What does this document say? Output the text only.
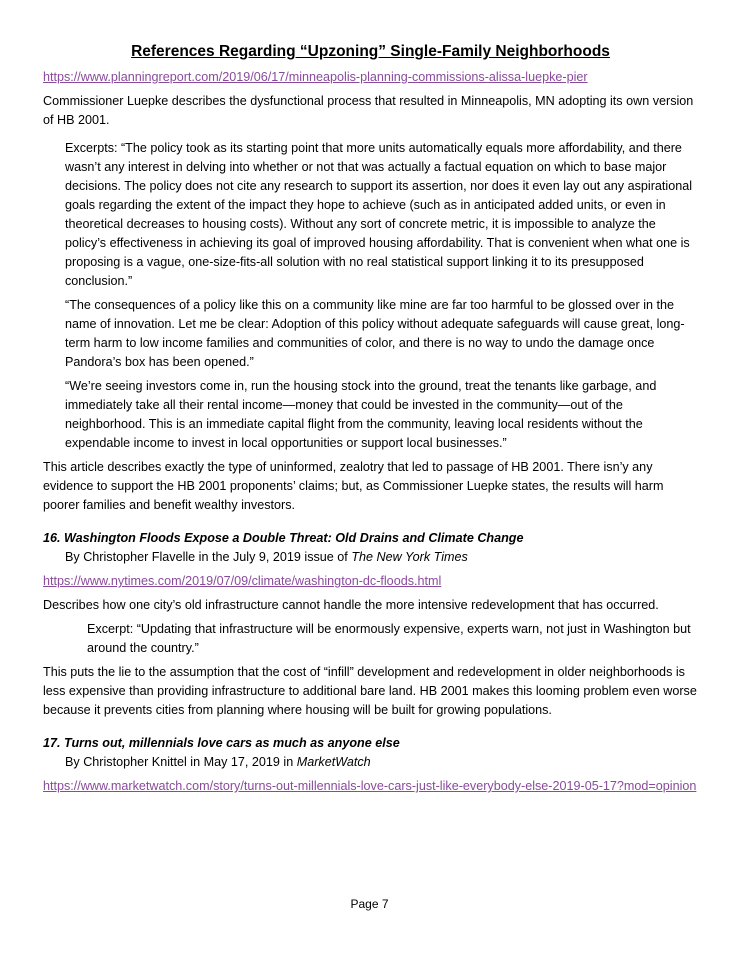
References Regarding “Upzoning” Single-Family Neighborhoods
https://www.planningreport.com/2019/06/17/minneapolis-planning-commissions-alissa-luepke-pier

Commissioner Luepke describes the dysfunctional process that resulted in Minneapolis, MN adopting its own version of HB 2001.

Excerpts: “The policy took as its starting point that more units automatically equals more affordability, and there wasn’t any interest in delving into whether or not that was actually a factual equation on which to base major decisions. The policy does not cite any research to support its assertion, nor does it even lay out any aspirational goals regarding the extent of the impact they hope to achieve (such as in anticipated added units, or even in theoretical decreases to housing costs). Without any sort of concrete metric, it is impossible to analyze the policy’s effectiveness in achieving its goal of improved housing affordability. That is convenient when what one is proposing is a vague, one-size-fits-all solution with no real statistical support linking it to its presupposed conclusion.”

“The consequences of a policy like this on a community like mine are far too harmful to be glossed over in the name of innovation. Let me be clear: Adoption of this policy without adequate safeguards will cause great, long-term harm to low income families and communities of color, and there is no way to undo the damage once Pandora’s box has been opened.”

“We’re seeing investors come in, run the housing stock into the ground, treat the tenants like garbage, and immediately take all their rental income—money that could be invested in the community—out of the neighborhood. This is an immediate capital flight from the community, leaving local residents without the expendable income to invest in local opportunities or support local businesses.”

This article describes exactly the type of uninformed, zealotry that led to passage of HB 2001. There isn’y any evidence to support the HB 2001 proponents’ claims; but, as Commissioner Luepke states, the results will harm poorer families and benefit wealthy investors.

16. Washington Floods Expose a Double Threat: Old Drains and Climate Change

By Christopher Flavelle in the July 9, 2019 issue of The New York Times

https://www.nytimes.com/2019/07/09/climate/washington-dc-floods.html

Describes how one city’s old infrastructure cannot handle the more intensive redevelopment that has occurred.

Excerpt: “Updating that infrastructure will be enormously expensive, experts warn, not just in Washington but around the country.”

This puts the lie to the assumption that the cost of “infill” development and redevelopment in older neighborhoods is less expensive than providing infrastructure to additional bare land. HB 2001 makes this looming problem even worse because it prevents cities from planning where housing will be built for growing populations.

17. Turns out, millennials love cars as much as anyone else

By Christopher Knittel in May 17, 2019 in MarketWatch

https://www.marketwatch.com/story/turns-out-millennials-love-cars-just-like-everybody-else-2019-05-17?mod=opinion
Page 7
